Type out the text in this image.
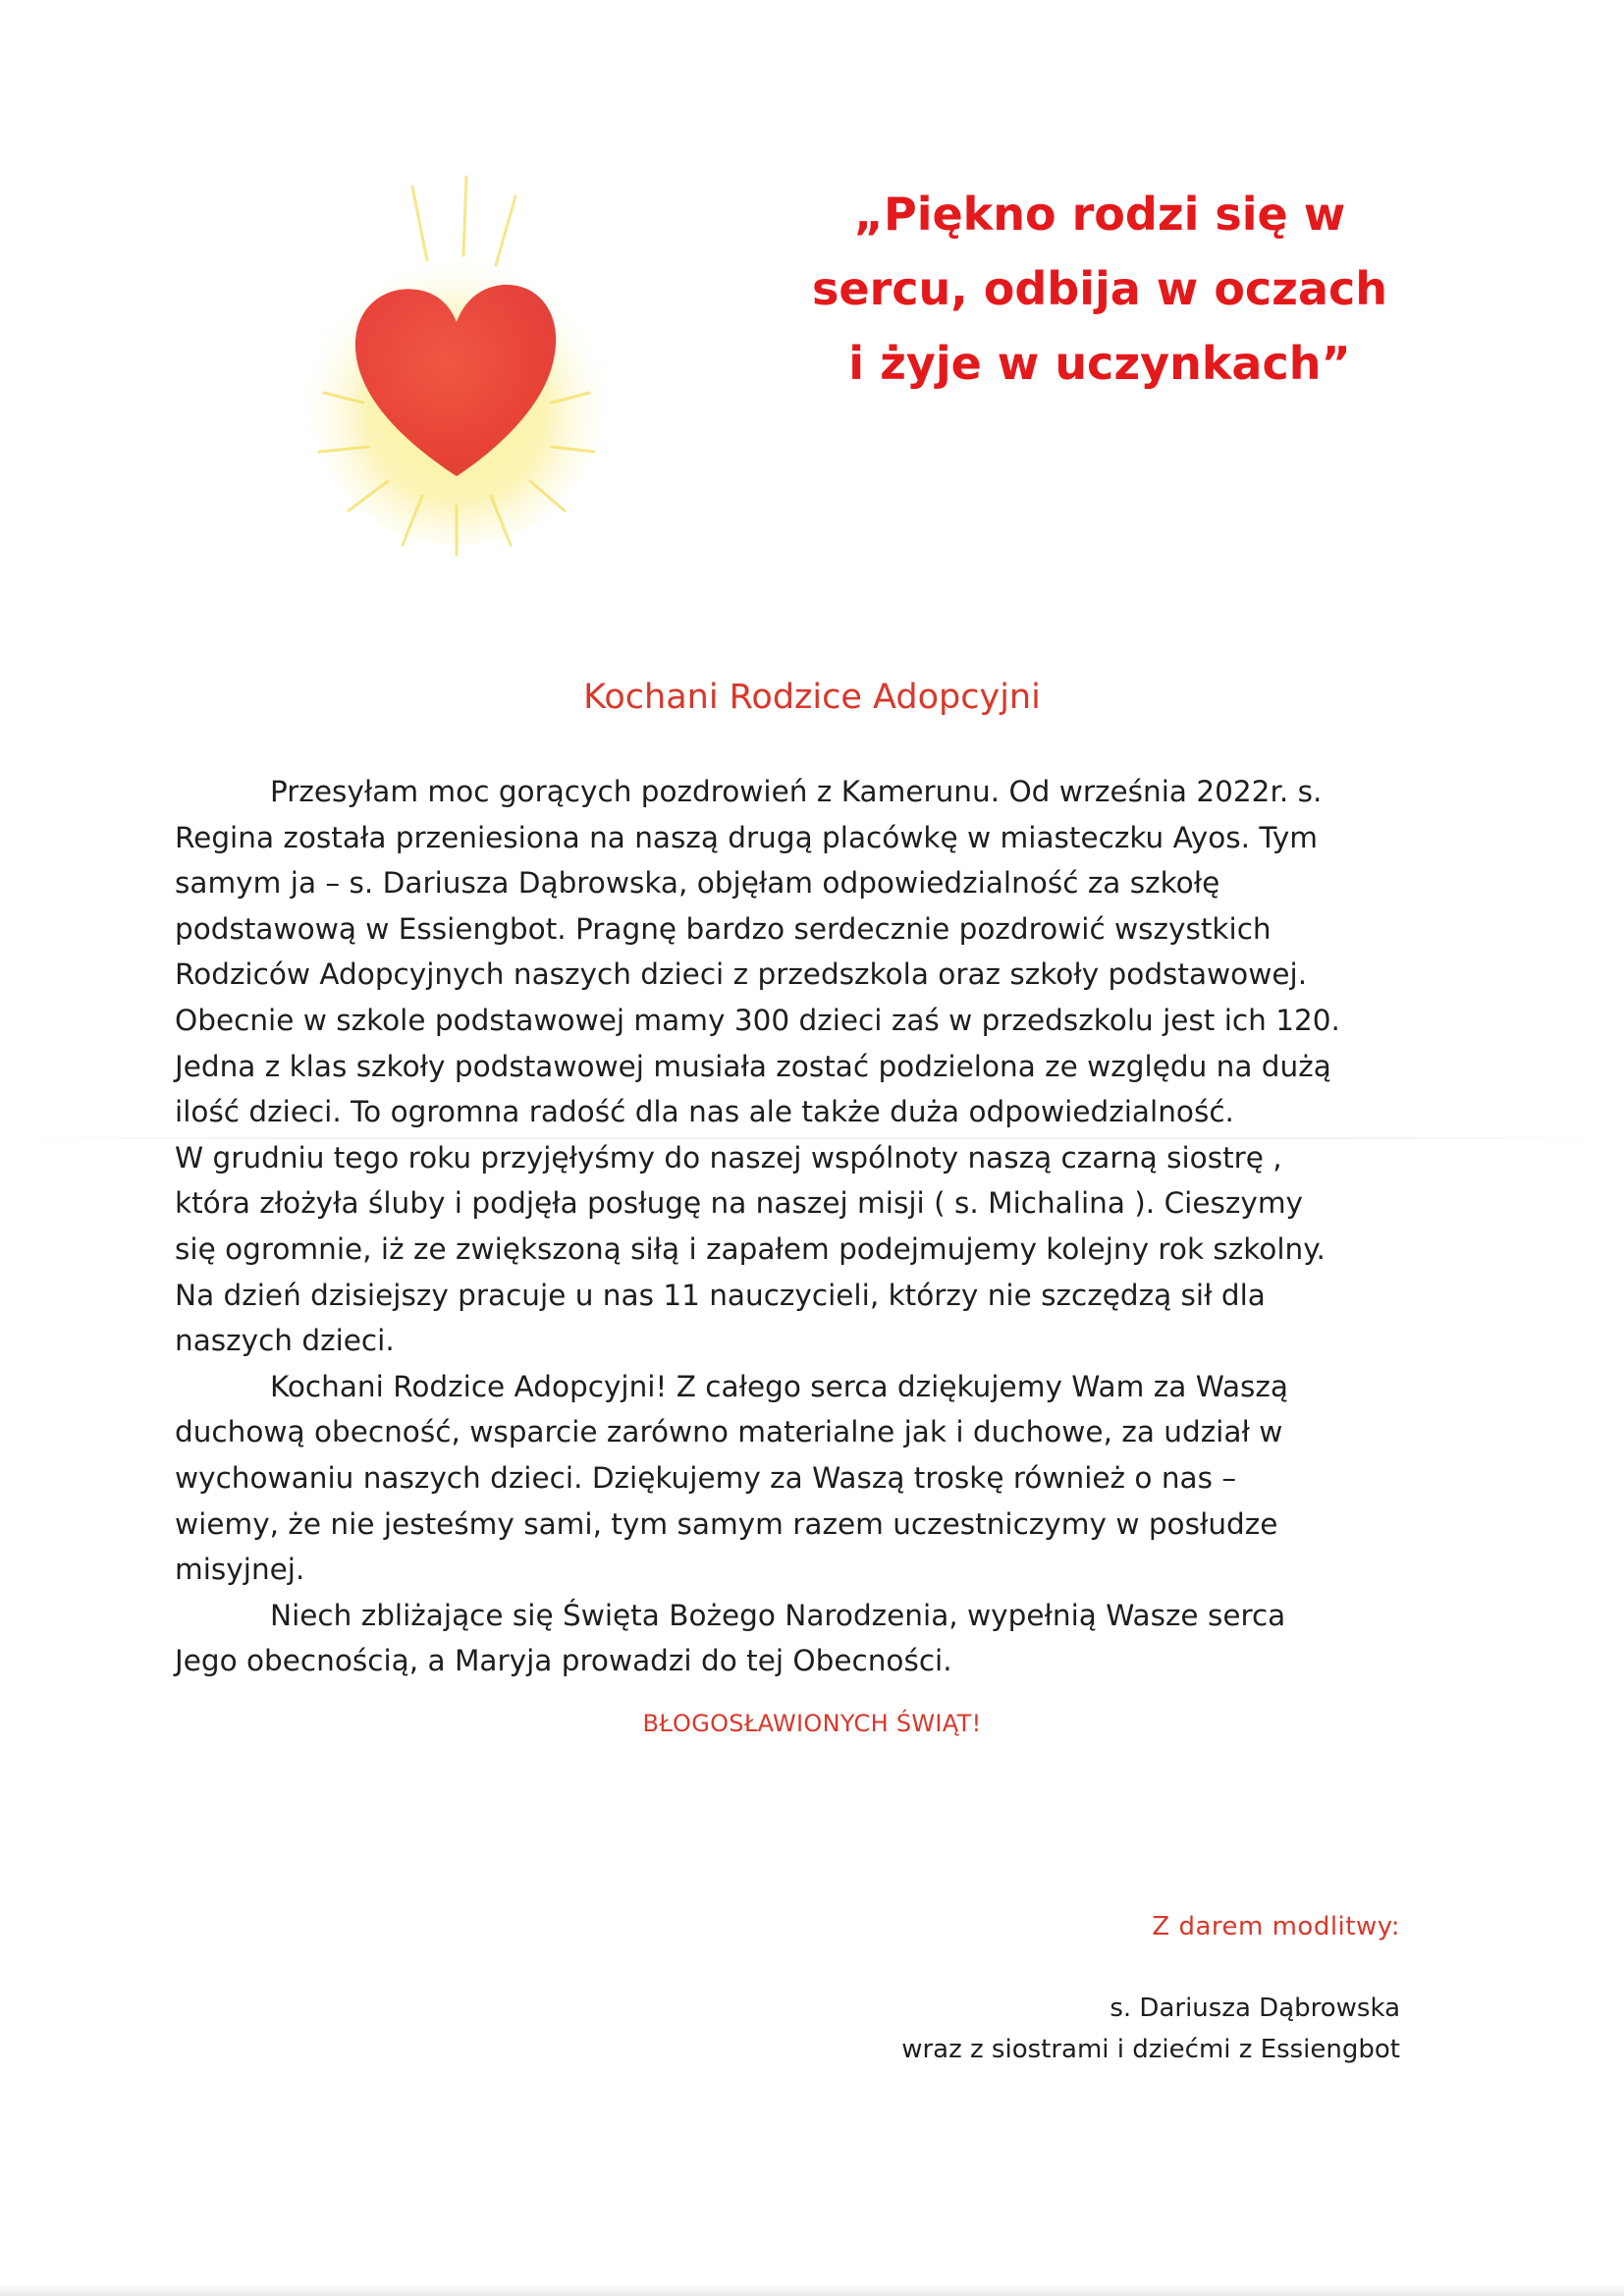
„Piękno rodzi się w
sercu, odbija w oczach
i żyje w uczynkach”
Kochani Rodzice Adopcyjni
Przesyłam moc gorących pozdrowień z Kamerunu. Od września 2022r. s.
Regina została przeniesiona na naszą drugą placówkę w miasteczku Ayos. Tym
samym ja – s. Dariusza Dąbrowska, objęłam odpowiedzialność za szkołę
podstawową w Essiengbot. Pragnę bardzo serdecznie pozdrowić wszystkich
Rodziców Adopcyjnych naszych dzieci z przedszkola oraz szkoły podstawowej.
Obecnie w szkole podstawowej mamy 300 dzieci zaś w przedszkolu jest ich 120.
Jedna z klas szkoły podstawowej musiała zostać podzielona ze względu na dużą
ilość dzieci. To ogromna radość dla nas ale także duża odpowiedzialność.
W grudniu tego roku przyjęłyśmy do naszej wspólnoty naszą czarną siostrę ,
która złożyła śluby i podjęła posługę na naszej misji ( s. Michalina ). Cieszymy
się ogromnie, iż ze zwiększoną siłą i zapałem podejmujemy kolejny rok szkolny.
Na dzień dzisiejszy pracuje u nas 11 nauczycieli, którzy nie szczędzą sił dla
naszych dzieci.
Kochani Rodzice Adopcyjni! Z całego serca dziękujemy Wam za Waszą
duchową obecność, wsparcie zarówno materialne jak i duchowe, za udział w
wychowaniu naszych dzieci. Dziękujemy za Waszą troskę również o nas –
wiemy, że nie jesteśmy sami, tym samym razem uczestniczymy w posłudze
misyjnej.
Niech zbliżające się Święta Bożego Narodzenia, wypełnią Wasze serca
Jego obecnością, a Maryja prowadzi do tej Obecności.
BŁOGOSŁAWIONYCH ŚWIĄT!
Z darem modlitwy:
s. Dariusza Dąbrowska
wraz z siostrami i dziećmi z Essiengbot
